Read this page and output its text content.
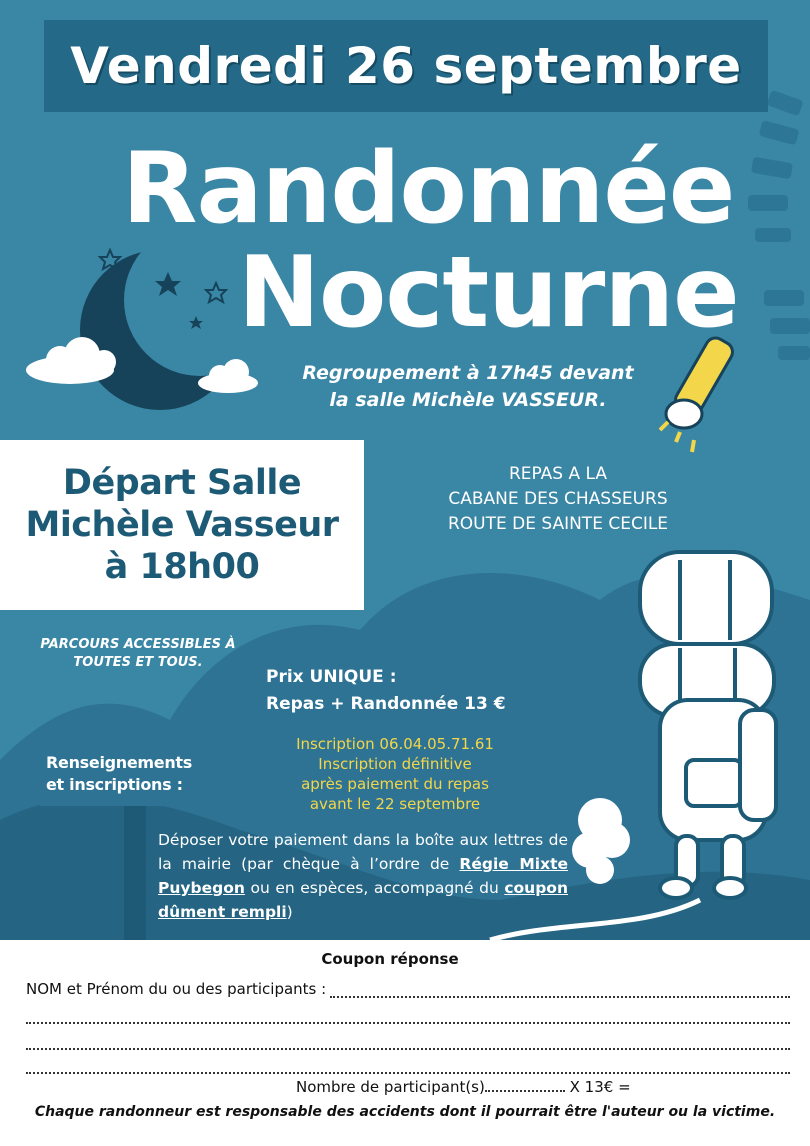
Vendredi 26 septembre
Randonnée
Nocturne
Regroupement à 17h45 devant
la salle Michèle VASSEUR.
Départ Salle
Michèle Vasseur
à 18h00
REPAS A LA
CABANE DES CHASSEURS
ROUTE DE SAINTE CECILE
PARCOURS ACCESSIBLES À TOUTES ET TOUS.
Prix UNIQUE :
Repas + Randonnée 13 €
Inscription 06.04.05.71.61
Inscription définitive
après paiement du repas
avant le 22 septembre
Renseignements
et inscriptions :
Déposer votre paiement dans la boîte aux lettres de la mairie (par chèque à l’ordre de Régie Mixte Puybegon ou en espèces, accompagné du coupon dûment rempli)
Coupon réponse
NOM et Prénom du ou des participants :
Nombre de participant(s)	X 13€ =
Chaque randonneur est responsable des accidents dont il pourrait être l'auteur ou la victime.
